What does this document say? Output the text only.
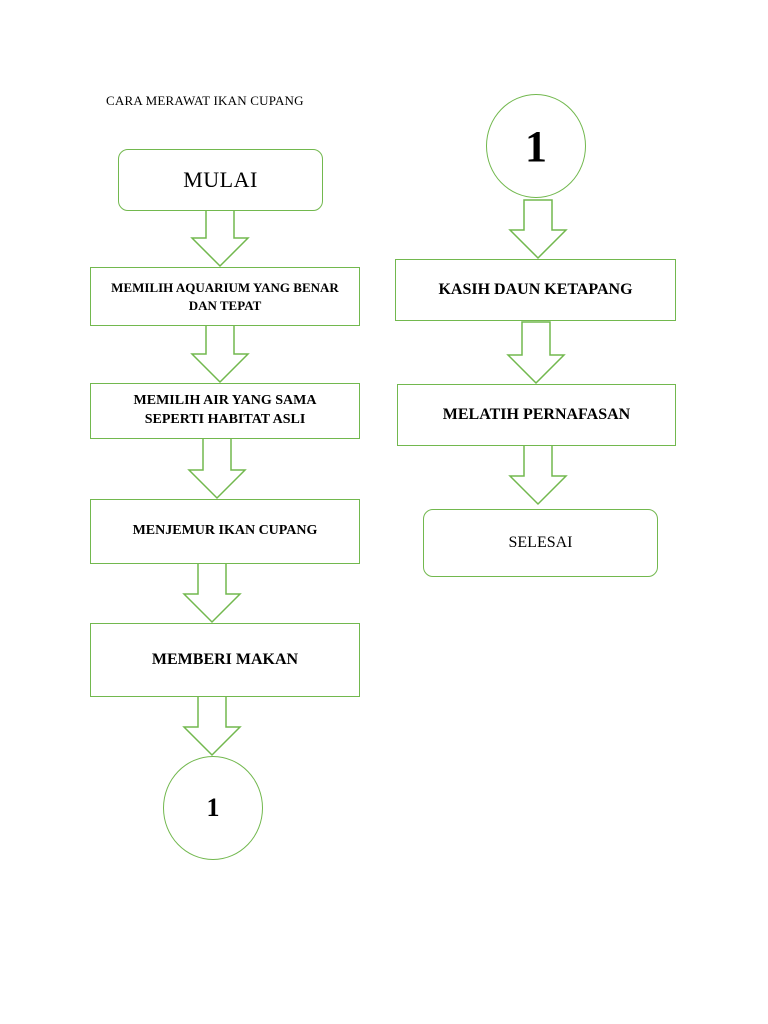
CARA MERAWAT IKAN CUPANG
MULAI
MEMILIH AQUARIUM YANG BENAR DAN TEPAT
MEMILIH AIR YANG SAMA SEPERTI HABITAT ASLI
MENJEMUR IKAN CUPANG
MEMBERI MAKAN
1
1
KASIH DAUN KETAPANG
MELATIH PERNAFASAN
SELESAI
